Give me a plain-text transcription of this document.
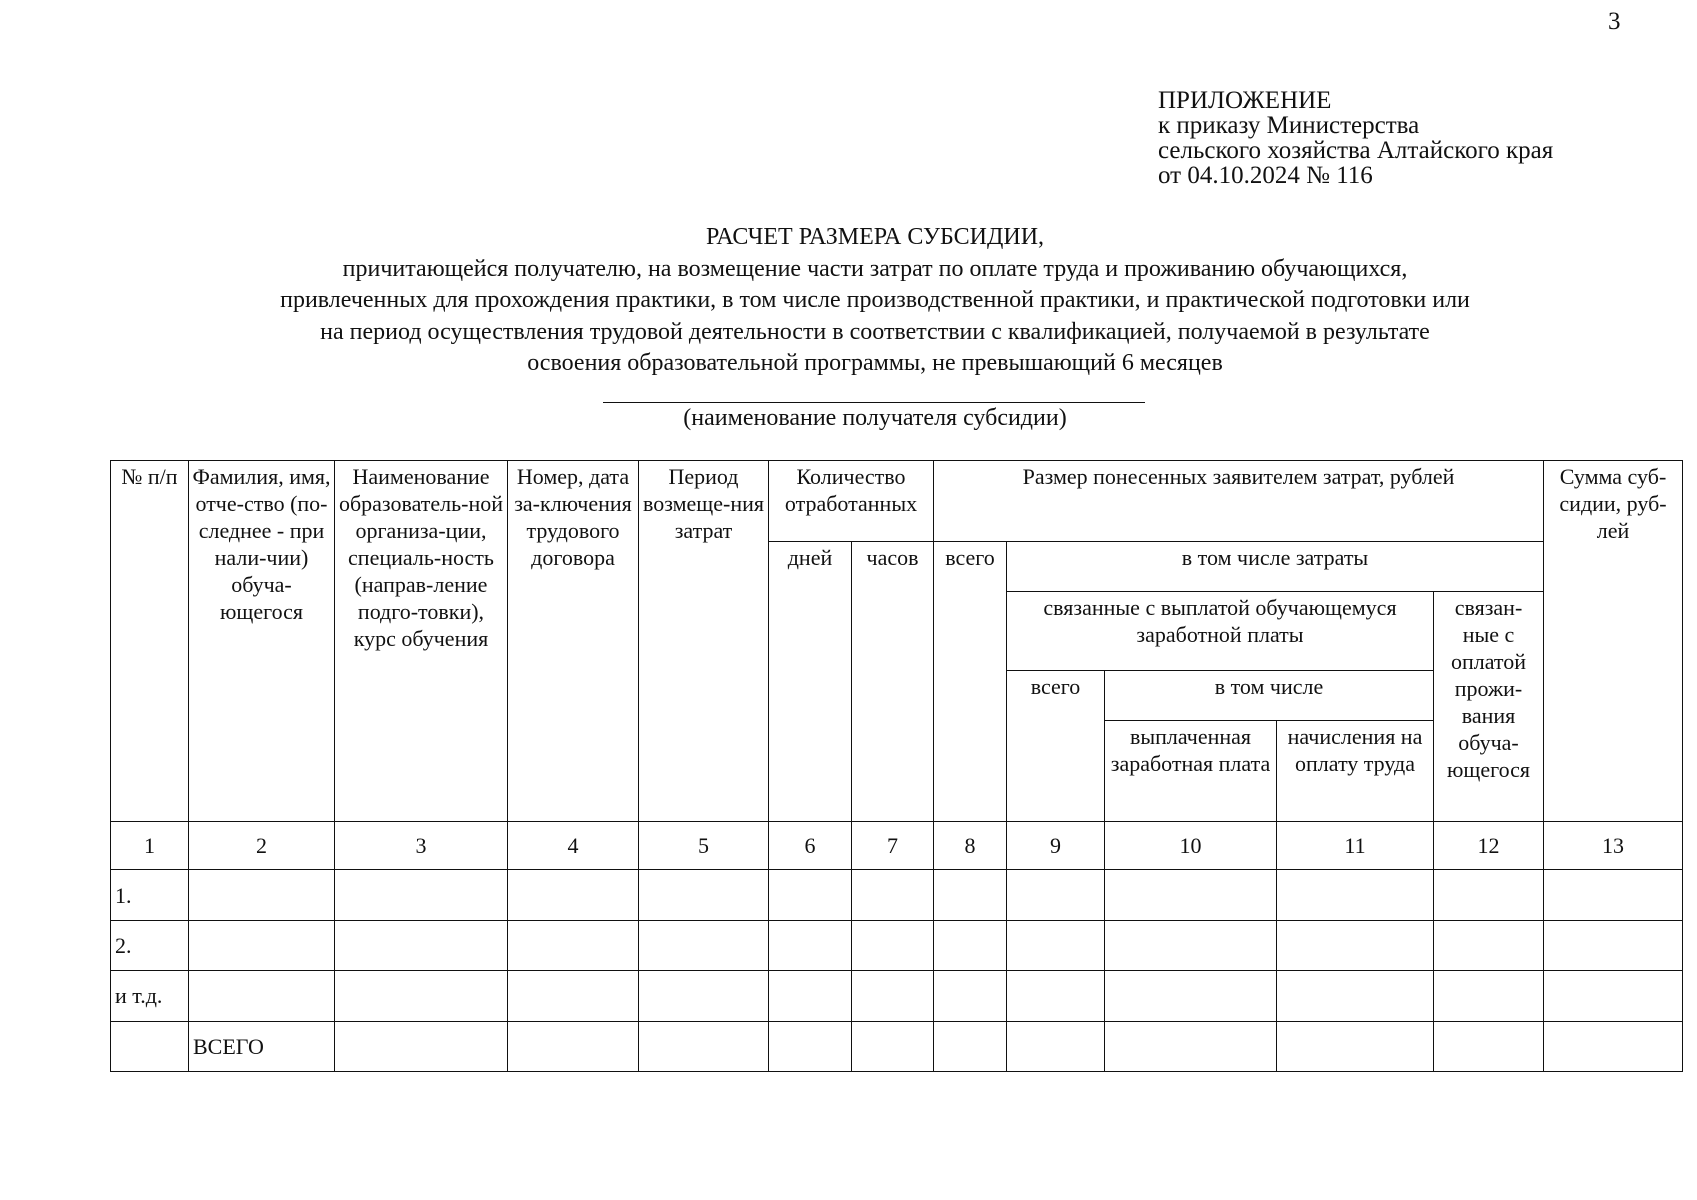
3
ПРИЛОЖЕНИЕ
к приказу Министерства
сельского хозяйства Алтайского края
от 04.10.2024 № 116
РАСЧЕТ РАЗМЕРА СУБСИДИИ,
причитающейся получателю, на возмещение части затрат по оплате труда и проживанию обучающихся,
привлеченных для прохождения практики, в том числе производственной практики, и практической подготовки или
на период осуществления трудовой деятельности в соответствии с квалификацией, получаемой в результате
освоения образовательной программы, не превышающий 6 месяцев
(наименование получателя субсидии)
№ п/п	Фамилия, имя, отче-ство (по-следнее - при нали-чии) обуча-ющегося	Наименование образователь-ной организа-ции, специаль-ность (направ-ление подго-товки), курс обучения	Номер, дата за-ключения трудового договора	Период возмеще-ния затрат	Количество отработанных		Размер понесенных заявителем затрат, рублей					Сумма суб-сидии, руб-лей
					дней	часов	всего	в том числе затраты				
								связанные с выплатой обучающемуся заработной платы			связан-ные с оплатой прожи-вания обуча-ющегося	
								всего	в том числе			
									выплаченная заработная плата	начисления на оплату труда		
1	2	3	4	5	6	7	8	9	10	11	12	13
1.												
2.												
и т.д.												
	ВСЕГО											
